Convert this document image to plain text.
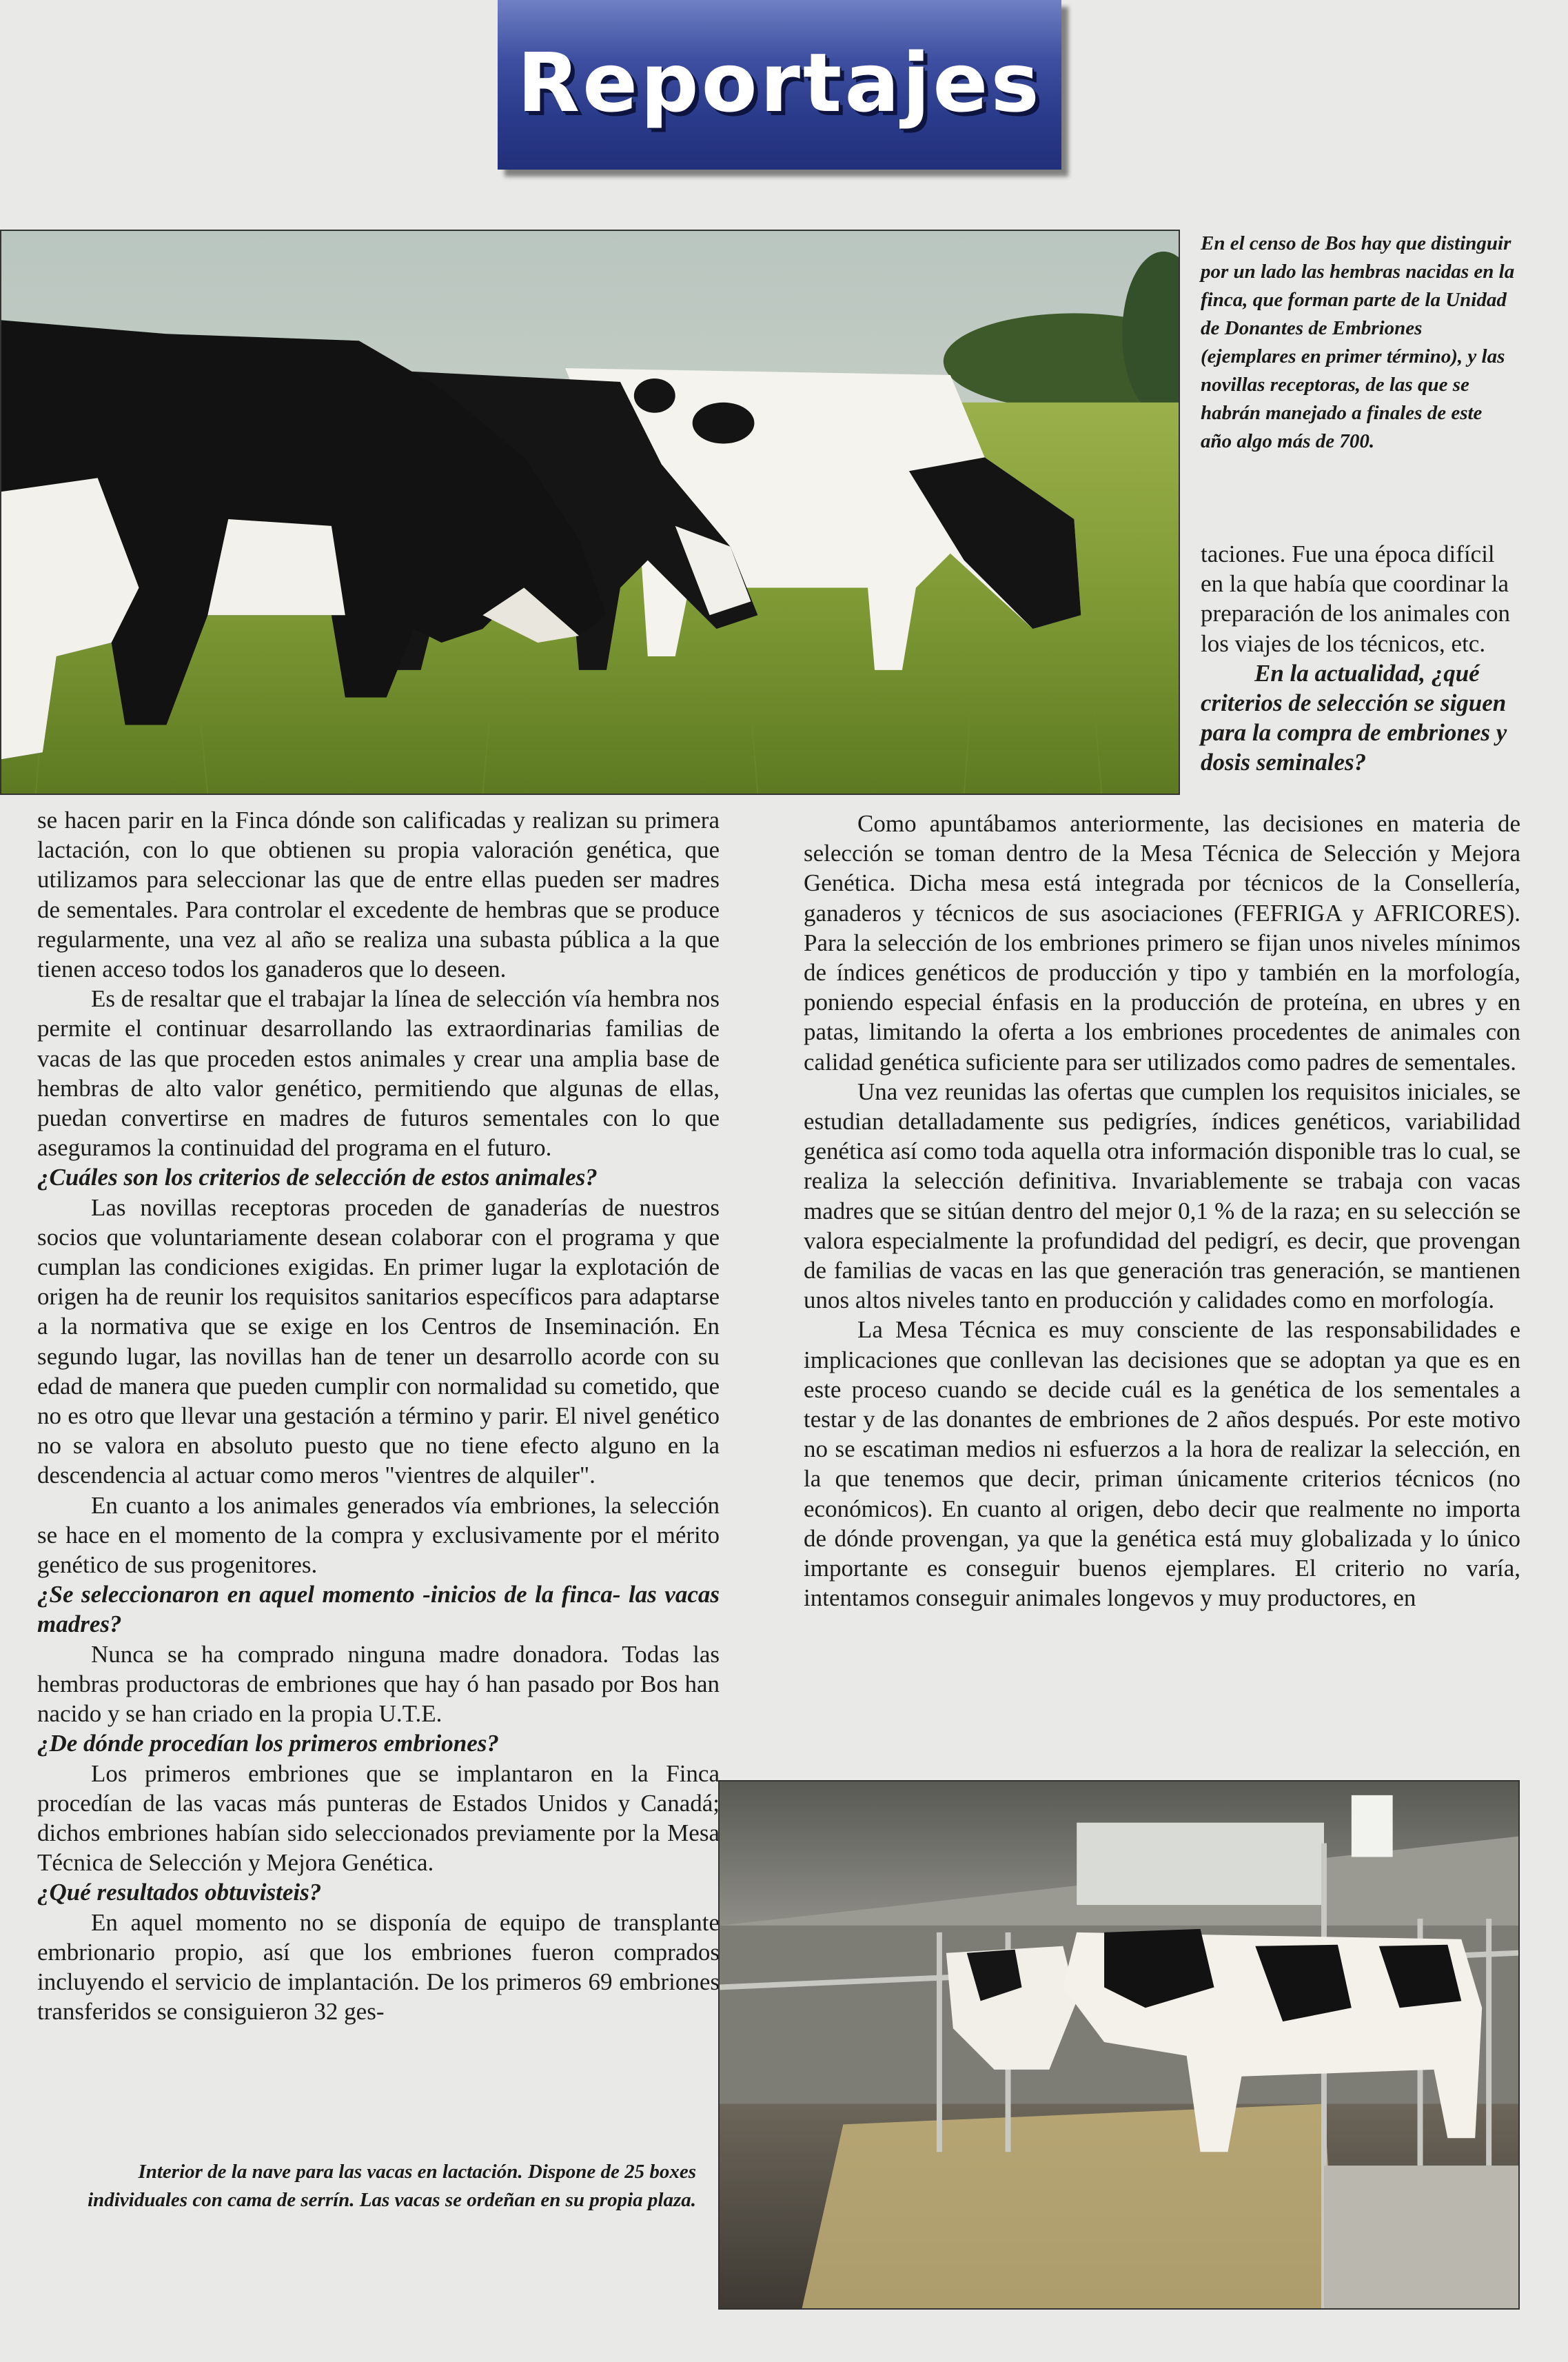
Reportajes

En el censo de Bos hay que distinguir por un lado las hembras nacidas en la finca, que forman parte de la Unidad de Donantes de Embriones (ejemplares en primer término), y las novillas receptoras, de las que se habrán manejado a finales de este año algo más de 700.

taciones. Fue una época difícil en la que había que coordinar la preparación de los animales con los viajes de los técnicos, etc.

En la actualidad, ¿qué criterios de selección se siguen para la compra de embriones y dosis seminales?

se hacen parir en la Finca dónde son calificadas y realizan su primera lactación, con lo que obtienen su propia valoración genética, que utilizamos para seleccionar las que de entre ellas pueden ser madres de sementales. Para controlar el excedente de hembras que se produce regularmente, una vez al año se realiza una subasta pública a la que tienen acceso todos los ganaderos que lo deseen.

Es de resaltar que el trabajar la línea de selección vía hembra nos permite el continuar desarrollando las extraordinarias familias de vacas de las que proceden estos animales y crear una amplia base de hembras de alto valor genético, permitiendo que algunas de ellas, puedan convertirse en madres de futuros sementales con lo que aseguramos la continuidad del programa en el futuro.

¿Cuáles son los criterios de selección de estos animales?

Las novillas receptoras proceden de ganaderías de nuestros socios que voluntariamente desean colaborar con el programa y que cumplan las condiciones exigidas. En primer lugar la explotación de origen ha de reunir los requisitos sanitarios específicos para adaptarse a la normativa que se exige en los Centros de Inseminación. En segundo lugar, las novillas han de tener un desarrollo acorde con su edad de manera que pueden cumplir con normalidad su cometido, que no es otro que llevar una gestación a término y parir. El nivel genético no se valora en absoluto puesto que no tiene efecto alguno en la descendencia al actuar como meros "vientres de alquiler".

En cuanto a los animales generados vía embriones, la selección se hace en el momento de la compra y exclusivamente por el mérito genético de sus progenitores.

¿Se seleccionaron en aquel momento -inicios de la finca- las vacas madres?

Nunca se ha comprado ninguna madre donadora. Todas las hembras productoras de embriones que hay ó han pasado por Bos han nacido y se han criado en la propia U.T.E.

¿De dónde procedían los primeros embriones?

Los primeros embriones que se implantaron en la Finca procedían de las vacas más punteras de Estados Unidos y Canadá; dichos embriones habían sido seleccionados previamente por la Mesa Técnica de Selección y Mejora Genética.

¿Qué resultados obtuvisteis?

En aquel momento no se disponía de equipo de transplante embrionario propio, así que los embriones fueron comprados incluyendo el servicio de implantación. De los primeros 69 embriones transferidos se consiguieron 32 ges-

Como apuntábamos anteriormente, las decisiones en materia de selección se toman dentro de la Mesa Técnica de Selección y Mejora Genética. Dicha mesa está integrada por técnicos de la Consellería, ganaderos y técnicos de sus asociaciones (FEFRIGA y AFRICORES). Para la selección de los embriones primero se fijan unos niveles mínimos de índices genéticos de producción y tipo y también en la morfología, poniendo especial énfasis en la producción de proteína, en ubres y en patas, limitando la oferta a los embriones procedentes de animales con calidad genética suficiente para ser utilizados como padres de sementales.

Una vez reunidas las ofertas que cumplen los requisitos iniciales, se estudian detalladamente sus pedigríes, índices genéticos, variabilidad genética así como toda aquella otra información disponible tras lo cual, se realiza la selección definitiva. Invariablemente se trabaja con vacas madres que se sitúan dentro del mejor 0,1 % de la raza; en su selección se valora especialmente la profundidad del pedigrí, es decir, que provengan de familias de vacas en las que generación tras generación, se mantienen unos altos niveles tanto en producción y calidades como en morfología.

La Mesa Técnica es muy consciente de las responsabilidades e implicaciones que conllevan las decisiones que se adoptan ya que es en este proceso cuando se decide cuál es la genética de los sementales a testar y de las donantes de embriones de 2 años después. Por este motivo no se escatiman medios ni esfuerzos a la hora de realizar la selección, en la que tenemos que decir, priman únicamente criterios técnicos (no económicos). En cuanto al origen, debo decir que realmente no importa de dónde provengan, ya que la genética está muy globalizada y lo único importante es conseguir buenos ejemplares. El criterio no varía, intentamos conseguir animales longevos y muy productores, en

Interior de la nave para las vacas en lactación. Dispone de 25 boxes individuales con cama de serrín. Las vacas se ordeñan en su propia plaza.
